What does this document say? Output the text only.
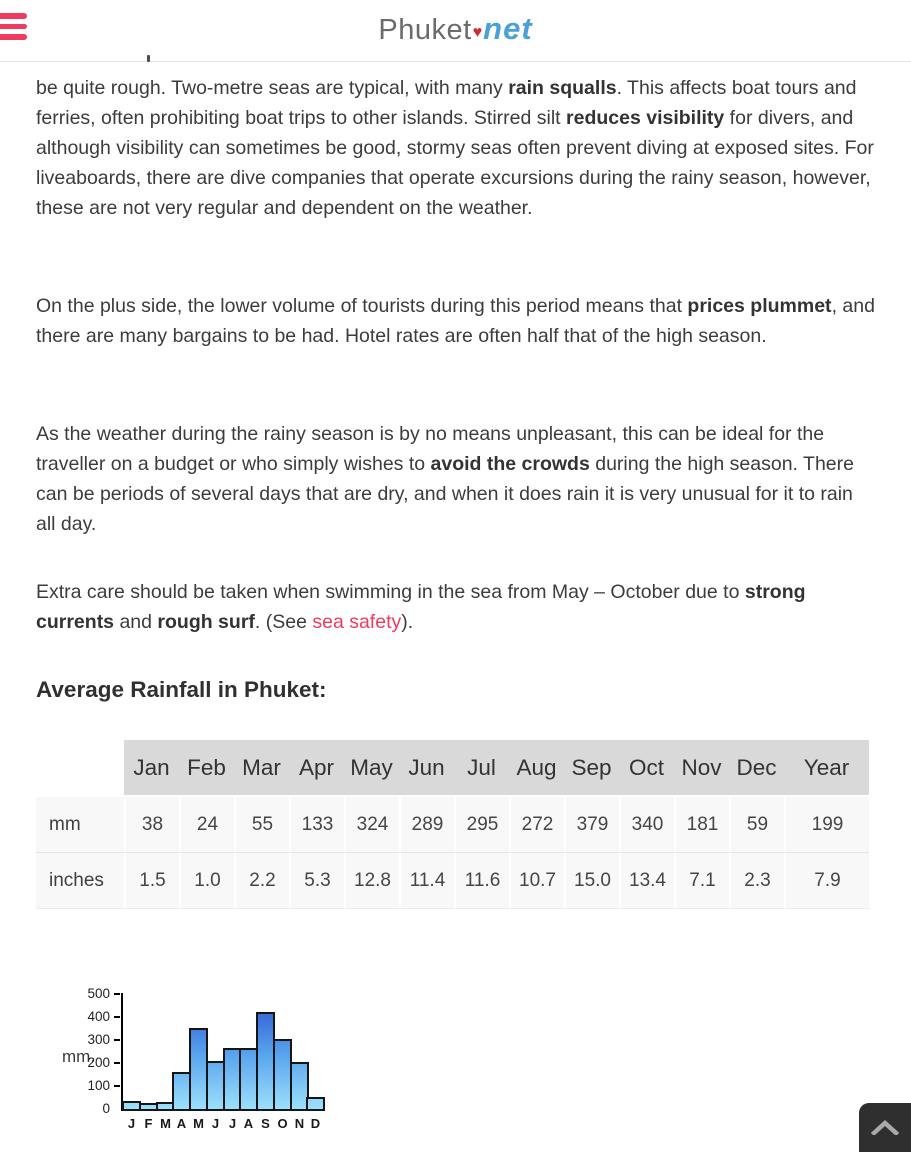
Phuket♥net

be quite rough. Two-metre seas are typical, with many rain squalls. This affects boat tours and ferries, often prohibiting boat trips to other islands. Stirred silt reduces visibility for divers, and although visibility can sometimes be good, stormy seas often prevent diving at exposed sites. For liveaboards, there are dive companies that operate excursions during the rainy season, however, these are not very regular and dependent on the weather.

On the plus side, the lower volume of tourists during this period means that prices plummet, and there are many bargains to be had. Hotel rates are often half that of the high season.

As the weather during the rainy season is by no means unpleasant, this can be ideal for the traveller on a budget or who simply wishes to avoid the crowds during the high season. There can be periods of several days that are dry, and when it does rain it is very unusual for it to rain all day.

Extra care should be taken when swimming in the sea from May – October due to strong currents and rough surf. (See sea safety).

Average Rainfall in Phuket:
	Jan	Feb	Mar	Apr	May	Jun	Jul	Aug	Sep	Oct	Nov	Dec	Year
mm	38	24	55	133	324	289	295	272	379	340	181	59	199
inches	1.5	1.0	2.2	5.3	12.8	11.4	11.6	10.7	15.0	13.4	7.1	2.3	7.9
mm.
0
100
200
300
400
500
J F M A M J J A S O N D
